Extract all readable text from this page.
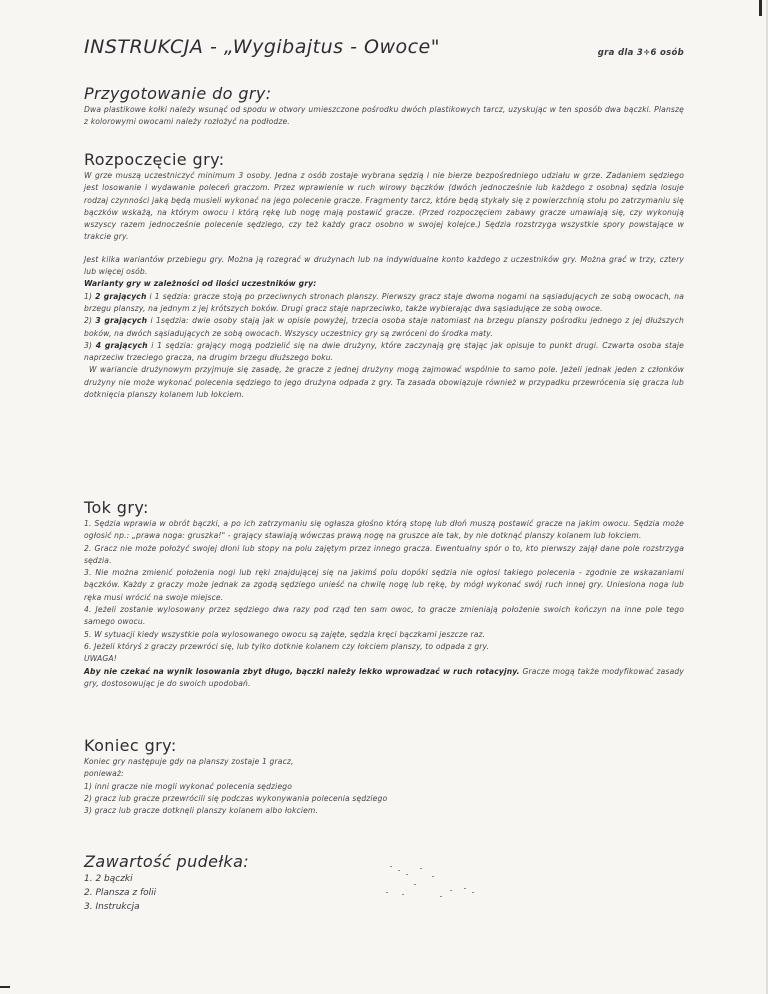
INSTRUKCJA - „Wygibajtus - Owoce"	gra dla 3÷6 osób
Przygotowanie do gry:

Dwa plastikowe kołki należy wsunąć od spodu w otwory umieszczone pośrodku dwóch plastikowych tarcz, uzyskując w ten sposób dwa bączki. Planszę z kolorowymi owocami należy rozłożyć na podłodze.

Rozpoczęcie gry:

W grze muszą uczestniczyć minimum 3 osoby. Jedna z osób zostaje wybrana sędzią i nie bierze bezpośredniego udziału w grze. Zadaniem sędziego jest losowanie i wydawanie poleceń graczom. Przez wprawienie w ruch wirowy bączków (dwóch jednocześnie lub każdego z osobna) sędzia losuje rodzaj czynności jaką będą musieli wykonać na jego polecenie gracze. Fragmenty tarcz, które będą stykały się z powierzchnią stołu po zatrzymaniu się bączków wskażą, na którym owocu i którą rękę lub nogę mają postawić gracze. (Przed rozpoczęciem zabawy gracze umawiają się, czy wykonują wszyscy razem jednocześnie polecenie sędziego, czy też każdy gracz osobno w swojej kolejce.) Sędzia rozstrzyga wszystkie spory powstające w trakcie gry.

Jest kilka wariantów przebiegu gry. Można ją rozegrać w drużynach lub na indywidualne konto każdego z uczestników gry. Można grać w trzy, cztery lub więcej osób.

Warianty gry w zależności od ilości uczestników gry:

1) 2 grających i 1 sędzia: gracze stoją po przeciwnych stronach planszy. Pierwszy gracz staje dwoma nogami na sąsiadujących ze sobą owocach, na brzegu planszy, na jednym z jej krótszych boków. Drugi gracz staje naprzeciwko, także wybierając dwa sąsiadujące ze sobą owoce.

2) 3 grających i 1sędzia: dwie osoby stają jak w opisie powyżej, trzecia osoba staje natomiast na brzegu planszy pośrodku jednego z jej dłuższych boków, na dwóch sąsiadujących ze sobą owocach. Wszyscy uczestnicy gry są zwróceni do środka maty.

3) 4 grających i 1 sędzia: grający mogą podzielić się na dwie drużyny, które zaczynają grę stając jak opisuje to punkt drugi. Czwarta osoba staje naprzeciw trzeciego gracza, na drugim brzegu dłuższego boku.

W wariancie drużynowym przyjmuje się zasadę, że gracze z jednej drużyny mogą zajmować wspólnie to samo pole. Jeżeli jednak jeden z członków drużyny nie może wykonać polecenia sędziego to jego drużyna odpada z gry. Ta zasada obowiązuje również w przypadku przewrócenia się gracza lub dotknięcia planszy kolanem lub łokciem.

Tok gry:

1. Sędzia wprawia w obrót bączki, a po ich zatrzymaniu się ogłasza głośno którą stopę lub dłoń muszą postawić gracze na jakim owocu. Sędzia może ogłosić np.: „prawa noga: gruszka!" - grający stawiają wówczas prawą nogę na gruszce ale tak, by nie dotknąć planszy kolanem lub łokciem.

2. Gracz nie może położyć swojej dłoni lub stopy na polu zajętym przez innego gracza. Ewentualny spór o to, kto pierwszy zajął dane pole rozstrzyga sędzia.

3. Nie można zmienić położenia nogi lub ręki znajdującej się na jakimś polu dopóki sędzia nie ogłosi takiego polecenia - zgodnie ze wskazaniami bączków. Każdy z graczy może jednak za zgodą sędziego unieść na chwilę nogę lub rękę, by mógł wykonać swój ruch innej gry. Uniesiona noga lub ręka musi wrócić na swoje miejsce.

4. Jeżeli zostanie wylosowany przez sędziego dwa razy pod rząd ten sam owoc, to gracze zmieniają położenie swoich kończyn na inne pole tego samego owocu.

5. W sytuacji kiedy wszystkie pola wylosowanego owocu są zajęte, sędzia kręci bączkami jeszcze raz.

6. Jeżeli któryś z graczy przewróci się, lub tylko dotknie kolanem czy łokciem planszy, to odpada z gry.

UWAGA!

Aby nie czekać na wynik losowania zbyt długo, bączki należy lekko wprowadzać w ruch rotacyjny. Gracze mogą także modyfikować zasady gry, dostosowując je do swoich upodobań.

Koniec gry:
Koniec gry następuje gdy na planszy zostaje 1 gracz,
ponieważ:
1) inni gracze nie mogli wykonać polecenia sędziego
2) gracz lub gracze przewrócili się podczas wykonywania polecenia sędziego
3) gracz lub gracze dotknęli planszy kolanem albo łokciem.
Zawartość pudełka:
1. 2 bączki
2. Plansza z folii
3. Instrukcja
